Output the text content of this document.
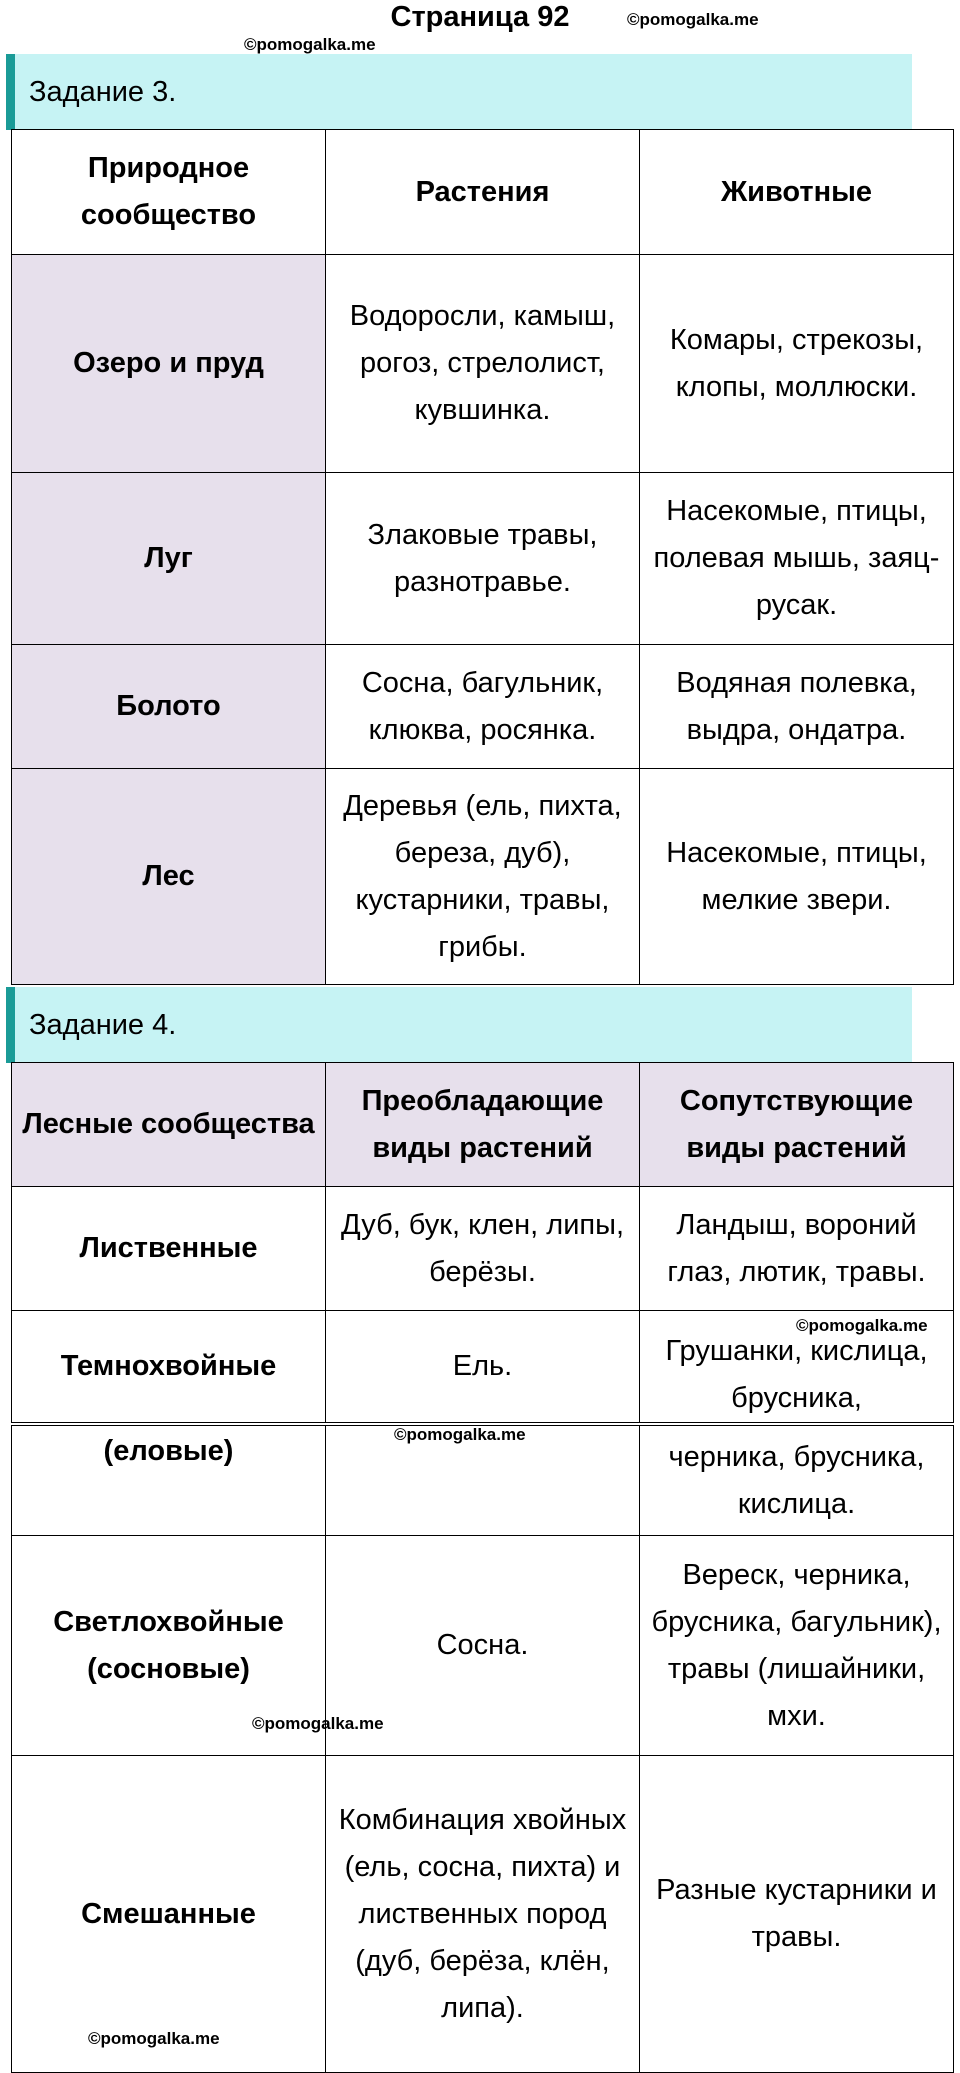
Страница 92	©pomogalka.me
©pomogalka.me
Задание 3.
Природное сообщество	Растения	Животные
Озеро и пруд	Водоросли, камыш, рогоз, стрелолист, кувшинка.	Комары, стрекозы, клопы, моллюски.
Луг	Злаковые травы, разнотравье.	Насекомые, птицы, полевая мышь, заяц-русак.
Болото	Сосна, багульник, клюква, росянка.	Водяная полевка, выдра, ондатра.
Лес	Деревья (ель, пихта, береза, дуб), кустарники, травы, грибы.	Насекомые, птицы, мелкие звери.
Задание 4.
Лесные сообщества	Преобладающие виды растений	Сопутствующие виды растений
Лиственные	Дуб, бук, клен, липы, берёзы.	Ландыш, вороний глаз, лютик, травы.
Темнохвойные	Ель.	Грушанки, кислица, брусника,
(еловые)		черника, брусника, кислица.
Светлохвойные (сосновые)	Сосна.	Вереск, черника, брусника, багульник), травы (лишайники, мхи.
Смешанные	Комбинация хвойных (ель, сосна, пихта) и лиственных пород (дуб, берёза, клён, липа).	Разные кустарники и травы.
©pomogalka.me
©pomogalka.me
©pomogalka.me
©pomogalka.me
